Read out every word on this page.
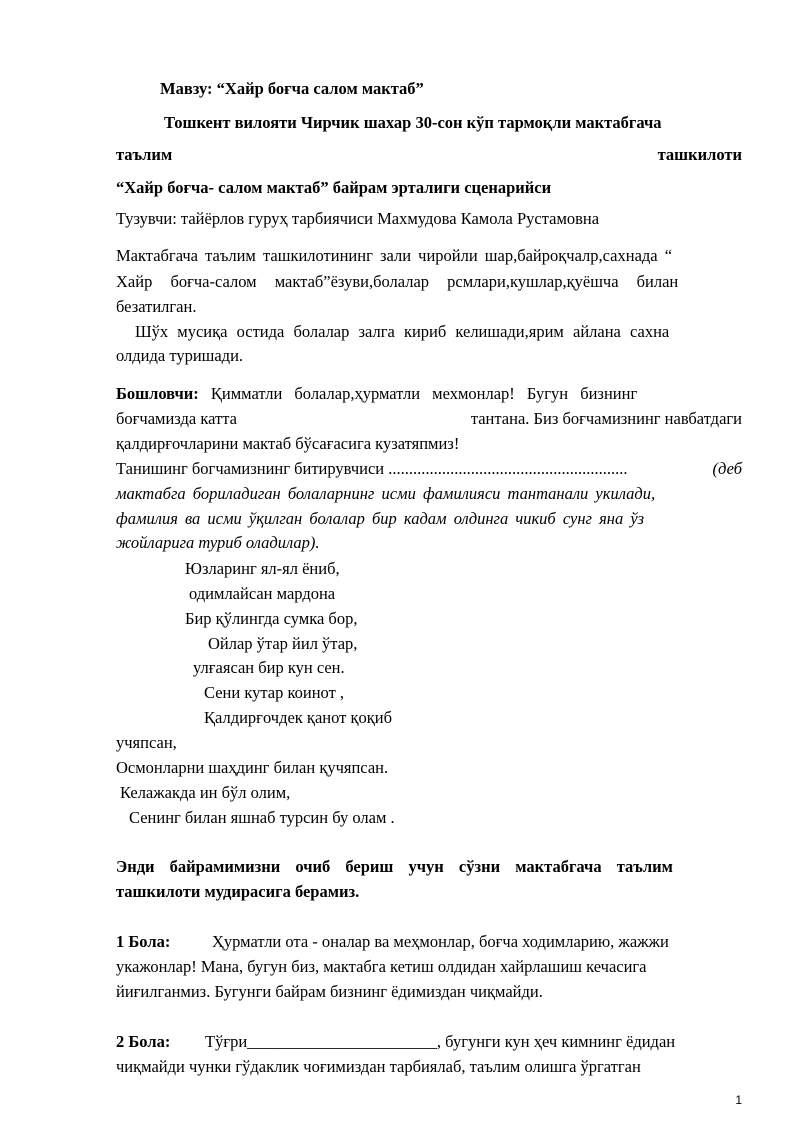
Мавзу: “Хайр боғча салом мактаб”
Тошкент вилояти Чирчик шахар 30-сон кўп тармоқли мактабгача
таълим	ташкилоти
“Хайр боғча- салом мактаб” байрам эрталиги сценарийси
Тузувчи: тайёрлов гуруҳ тарбиячиси Махмудова Камола Рустамовна
Мактабгача таълим ташкилотининг зали чиройли шар,байроқчалр,сахнада “
Хайр боғча-салом мактаб”ёзуви,болалар рсмлари,кушлар,қуёшча билан
безатилган.
Шўх мусиқа остида болалар залга кириб келишади,ярим айлана сахна
олдида туришади.
Бошловчи: Қимматли болалар,ҳурматли мехмонлар! Бугун бизнинг
боғчамизда катта	тантана. Биз боғчамизнинг навбатдаги
қалдирғочларини мактаб бўсағасига кузатяпмиз!
Танишинг богчамизнинг битирувчиси ..........................................................	(деб
мактабга бориладиган болаларнинг исми фамилияси тантанали укилади,
фамилия ва исми ўқилган болалар бир кадам олдинга чикиб сунг яна ўз
жойларига туриб оладилар).
Юзларинг ял-ял ёниб,
одимлайсан мардона
Бир қўлингда сумка бор,
Ойлар ўтар йил ўтар,
улғаясан бир кун сен.
Сени кутар коинот ,
Қалдирғочдек қанот қоқиб
учяпсан,
Осмонларни шаҳдинг билан қучяпсан.
Келажакда ин бўл олим,
Сенинг билан яшнаб турсин бу олам .
Энди байрамимизни очиб бериш учун сўзни мактабгача таълим
ташкилоти мудирасига берамиз.
1 Бола:	Ҳурматли ота - оналар ва меҳмонлар, боғча ходимларию, жажжи
укажонлар! Мана, бугун биз, мактабга кетиш олдидан хайрлашиш кечасига
йиғилганмиз. Бугунги байрам бизнинг ёдимиздан чиқмайди.
2 Бола: Тўғри_______________________, бугунги кун ҳеч кимнинг ёдидан
чиқмайди чунки гўдаклик чоғимиздан тарбиялаб, таълим олишга ўргатган
1
